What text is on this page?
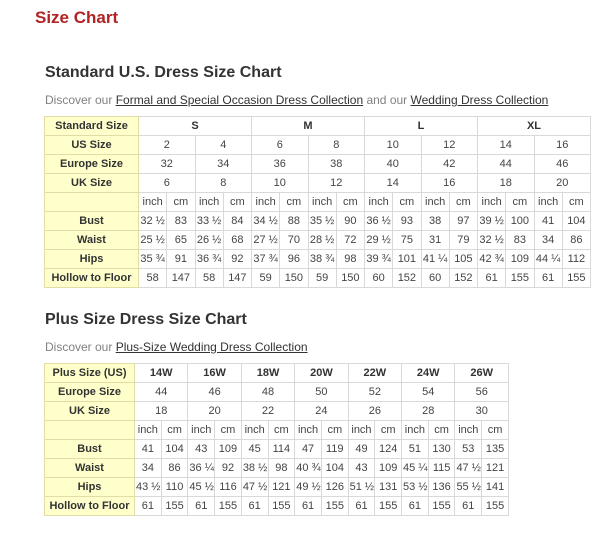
Size Chart
Standard U.S. Dress Size Chart

Discover our Formal and Special Occasion Dress Collection and our Wedding Dress Collection

Standard Size	S				M				L				XL			
US Size	2		4		6		8		10		12		14		16	
Europe Size	32		34		36		38		40		42		44		46	
UK Size	6		8		10		12		14		16		18		20	
	inch	cm	inch	cm	inch	cm	inch	cm	inch	cm	inch	cm	inch	cm	inch	cm
Bust	32 ½	83	33 ½	84	34 ½	88	35 ½	90	36 ½	93	38	97	39 ½	100	41	104
Waist	25 ½	65	26 ½	68	27 ½	70	28 ½	72	29 ½	75	31	79	32 ½	83	34	86
Hips	35 ¾	91	36 ¾	92	37 ¾	96	38 ¾	98	39 ¾	101	41 ¼	105	42 ¾	109	44 ¼	112
Hollow to Floor	58	147	58	147	59	150	59	150	60	152	60	152	61	155	61	155
Plus Size Dress Size Chart

Discover our Plus-Size Wedding Dress Collection

Plus Size (US)	14W		16W		18W		20W		22W		24W		26W	
Europe Size	44		46		48		50		52		54		56	
UK Size	18		20		22		24		26		28		30	
	inch	cm	inch	cm	inch	cm	inch	cm	inch	cm	inch	cm	inch	cm
Bust	41	104	43	109	45	114	47	119	49	124	51	130	53	135
Waist	34	86	36 ¼	92	38 ½	98	40 ¾	104	43	109	45 ¼	115	47 ½	121
Hips	43 ½	110	45 ½	116	47 ½	121	49 ½	126	51 ½	131	53 ½	136	55 ½	141
Hollow to Floor	61	155	61	155	61	155	61	155	61	155	61	155	61	155
